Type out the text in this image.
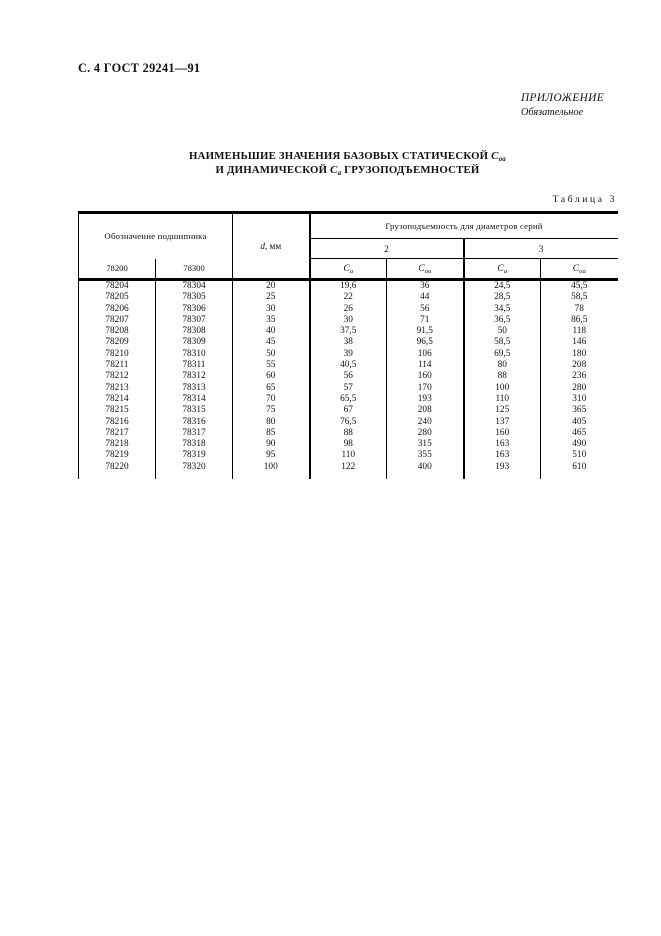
С. 4 ГОСТ 29241—91
ПРИЛОЖЕНИЕ
Обязательное
НАИМЕНЬШИЕ ЗНАЧЕНИЯ БАЗОВЫХ СТАТИЧЕСКОЙ $С_{оа}$
И ДИНАМИЧЕСКОЙ $С_а$ ГРУЗОПОДЪЕМНОСТЕЙ
Таблица 3
Обозначение подшипника		d, мм	Грузоподъемность для диаметров серий			
			2		3	
78200	78300		$С_а$	$С_{оа}$	$С_а$	$С_{оа}$
78204	78304	20	19,6	36	24,5	45,5
78205	78305	25	22	44	28,5	58,5
78206	78306	30	26	56	34,5	78
78207	78307	35	30	71	36,5	86,5
78208	78308	40	37,5	91,5	50	118
78209	78309	45	38	96,5	58,5	146
78210	78310	50	39	106	69,5	180
78211	78311	55	40,5	114	80	208
78212	78312	60	56	160	88	236
78213	78313	65	57	170	100	280
78214	78314	70	65,5	193	110	310
78215	78315	75	67	208	125	365
78216	78316	80	76,5	240	137	405
78217	78317	85	88	280	160	465
78218	78318	90	98	315	163	490
78219	78319	95	110	355	163	510
78220	78320	100	122	400	193	610
